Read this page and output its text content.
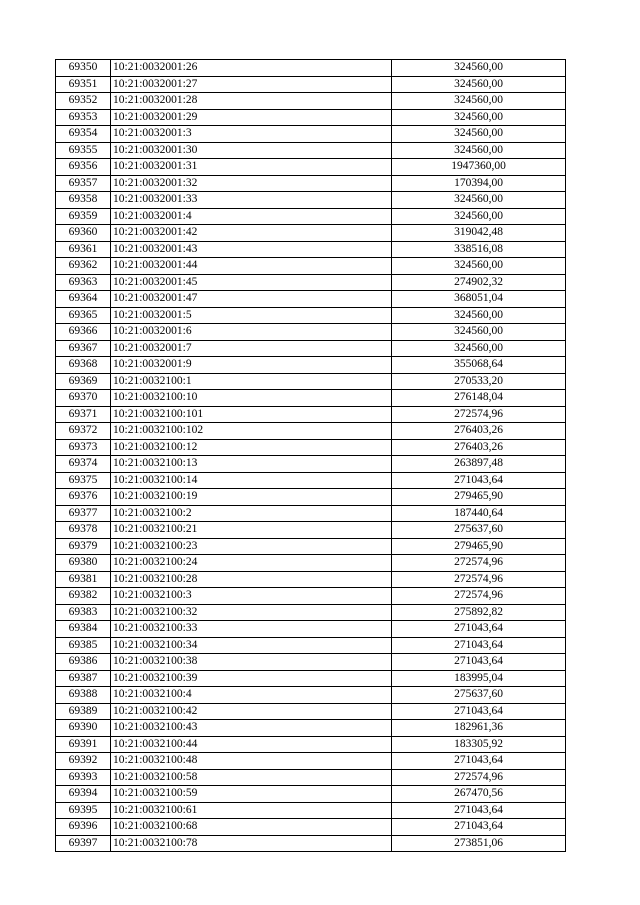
69350	10:21:0032001:26	324560,00
69351	10:21:0032001:27	324560,00
69352	10:21:0032001:28	324560,00
69353	10:21:0032001:29	324560,00
69354	10:21:0032001:3	324560,00
69355	10:21:0032001:30	324560,00
69356	10:21:0032001:31	1947360,00
69357	10:21:0032001:32	170394,00
69358	10:21:0032001:33	324560,00
69359	10:21:0032001:4	324560,00
69360	10:21:0032001:42	319042,48
69361	10:21:0032001:43	338516,08
69362	10:21:0032001:44	324560,00
69363	10:21:0032001:45	274902,32
69364	10:21:0032001:47	368051,04
69365	10:21:0032001:5	324560,00
69366	10:21:0032001:6	324560,00
69367	10:21:0032001:7	324560,00
69368	10:21:0032001:9	355068,64
69369	10:21:0032100:1	270533,20
69370	10:21:0032100:10	276148,04
69371	10:21:0032100:101	272574,96
69372	10:21:0032100:102	276403,26
69373	10:21:0032100:12	276403,26
69374	10:21:0032100:13	263897,48
69375	10:21:0032100:14	271043,64
69376	10:21:0032100:19	279465,90
69377	10:21:0032100:2	187440,64
69378	10:21:0032100:21	275637,60
69379	10:21:0032100:23	279465,90
69380	10:21:0032100:24	272574,96
69381	10:21:0032100:28	272574,96
69382	10:21:0032100:3	272574,96
69383	10:21:0032100:32	275892,82
69384	10:21:0032100:33	271043,64
69385	10:21:0032100:34	271043,64
69386	10:21:0032100:38	271043,64
69387	10:21:0032100:39	183995,04
69388	10:21:0032100:4	275637,60
69389	10:21:0032100:42	271043,64
69390	10:21:0032100:43	182961,36
69391	10:21:0032100:44	183305,92
69392	10:21:0032100:48	271043,64
69393	10:21:0032100:58	272574,96
69394	10:21:0032100:59	267470,56
69395	10:21:0032100:61	271043,64
69396	10:21:0032100:68	271043,64
69397	10:21:0032100:78	273851,06
